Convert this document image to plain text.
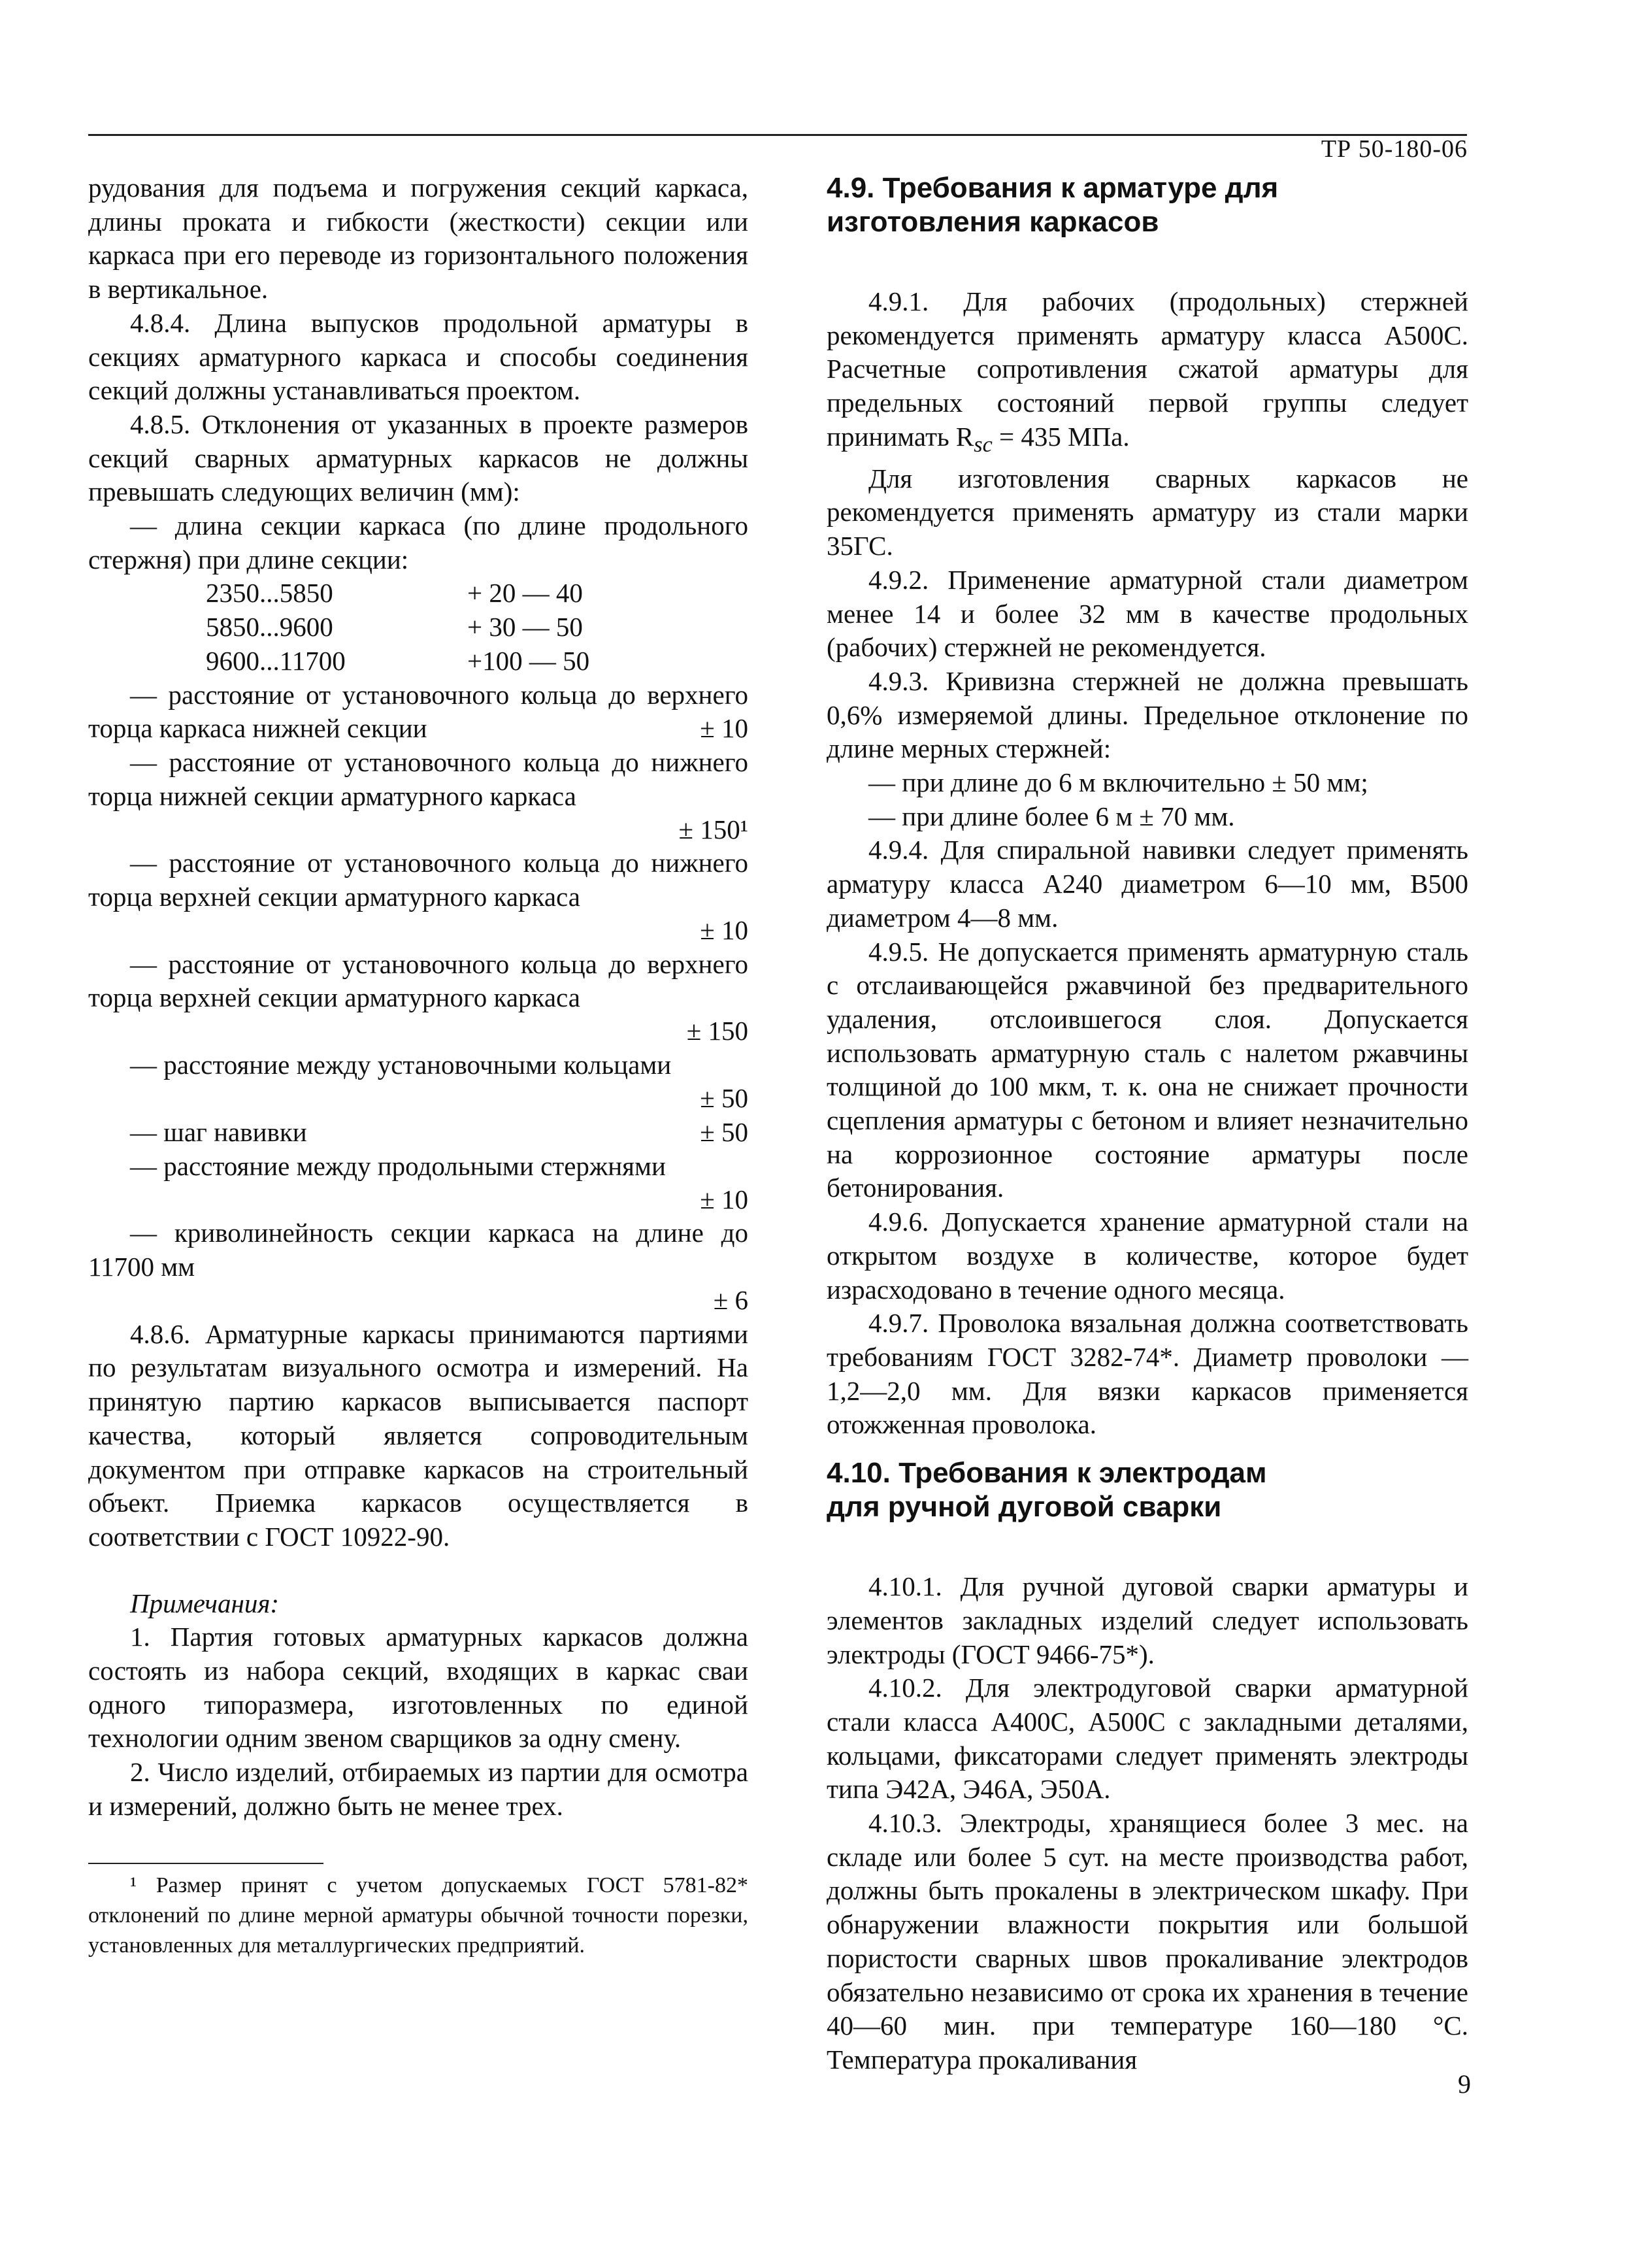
ТР 50-180-06

рудования для подъема и погружения секций каркаса, длины проката и гибкости (жесткости) секции или каркаса при его переводе из горизонтального положения в вертикальное.

4.8.4. Длина выпусков продольной арматуры в секциях арматурного каркаса и способы соединения секций должны устанавливаться проектом.

4.8.5. Отклонения от указанных в проекте размеров секций сварных арматурных каркасов не должны превышать следующих величин (мм):

— длина секции каркаса (по длине продольного стержня) при длине секции:

2350...5850	+ 20 — 40
5850...9600	+ 30 — 50
9600...11700	+100 — 50
— расстояние от установочного кольца до верхнего торца каркаса нижней секции	± 10
— расстояние от установочного кольца до нижнего торца нижней секции арматурного каркаса
± 150¹
— расстояние от установочного кольца до нижнего торца верхней секции арматурного каркаса
± 10
— расстояние от установочного кольца до верхнего торца верхней секции арматурного каркаса
± 150
— расстояние между установочными кольцами
± 50
— шаг навивки	± 50
— расстояние между продольными стержнями
± 10
— криволинейность секции каркаса на длине до 11700 мм
± 6

4.8.6. Арматурные каркасы принимаются партиями по результатам визуального осмотра и измерений. На принятую партию каркасов выписывается паспорт качества, который является сопроводительным документом при отправке каркасов на строительный объект. Приемка каркасов осуществляется в соответствии с ГОСТ 10922-90.

Примечания:

1. Партия готовых арматурных каркасов должна состоять из набора секций, входящих в каркас сваи одного типоразмера, изготовленных по единой технологии одним звеном сварщиков за одну смену.

2. Число изделий, отбираемых из партии для осмотра и измерений, должно быть не менее трех.

¹ Размер принят с учетом допускаемых ГОСТ 5781-82* отклонений по длине мерной арматуры обычной точности порезки, установленных для металлургических предприятий.

4.9. Требования к арматуре для изготовления каркасов

4.9.1. Для рабочих (продольных) стержней рекомендуется применять арматуру класса А500С. Расчетные сопротивления сжатой арматуры для предельных состояний первой группы следует принимать $R_{sc} = 435$ МПа.

Для изготовления сварных каркасов не рекомендуется применять арматуру из стали марки 35ГС.

4.9.2. Применение арматурной стали диаметром менее 14 и более 32 мм в качестве продольных (рабочих) стержней не рекомендуется.

4.9.3. Кривизна стержней не должна превышать 0,6% измеряемой длины. Предельное отклонение по длине мерных стержней:

— при длине до 6 м включительно ± 50 мм;

— при длине более 6 м ± 70 мм.

4.9.4. Для спиральной навивки следует применять арматуру класса А240 диаметром 6—10 мм, В500 диаметром 4—8 мм.

4.9.5. Не допускается применять арматурную сталь с отслаивающейся ржавчиной без предварительного удаления, отслоившегося слоя. Допускается использовать арматурную сталь с налетом ржавчины толщиной до 100 мкм, т. к. она не снижает прочности сцепления арматуры с бетоном и влияет незначительно на коррозионное состояние арматуры после бетонирования.

4.9.6. Допускается хранение арматурной стали на открытом воздухе в количестве, которое будет израсходовано в течение одного месяца.

4.9.7. Проволока вязальная должна соответствовать требованиям ГОСТ 3282-74*. Диаметр проволоки — 1,2—2,0 мм. Для вязки каркасов применяется отожженная проволока.

4.10. Требования к электродам для ручной дуговой сварки

4.10.1. Для ручной дуговой сварки арматуры и элементов закладных изделий следует использовать электроды (ГОСТ 9466-75*).

4.10.2. Для электродуговой сварки арматурной стали класса А400С, А500С с закладными деталями, кольцами, фиксаторами следует применять электроды типа Э42А, Э46А, Э50А.

4.10.3. Электроды, хранящиеся более 3 мес. на складе или более 5 сут. на месте производства работ, должны быть прокалены в электрическом шкафу. При обнаружении влажности покрытия или большой пористости сварных швов прокаливание электродов обязательно независимо от срока их хранения в течение 40—60 мин. при температуре 160—180 °С. Температура прокаливания

9
